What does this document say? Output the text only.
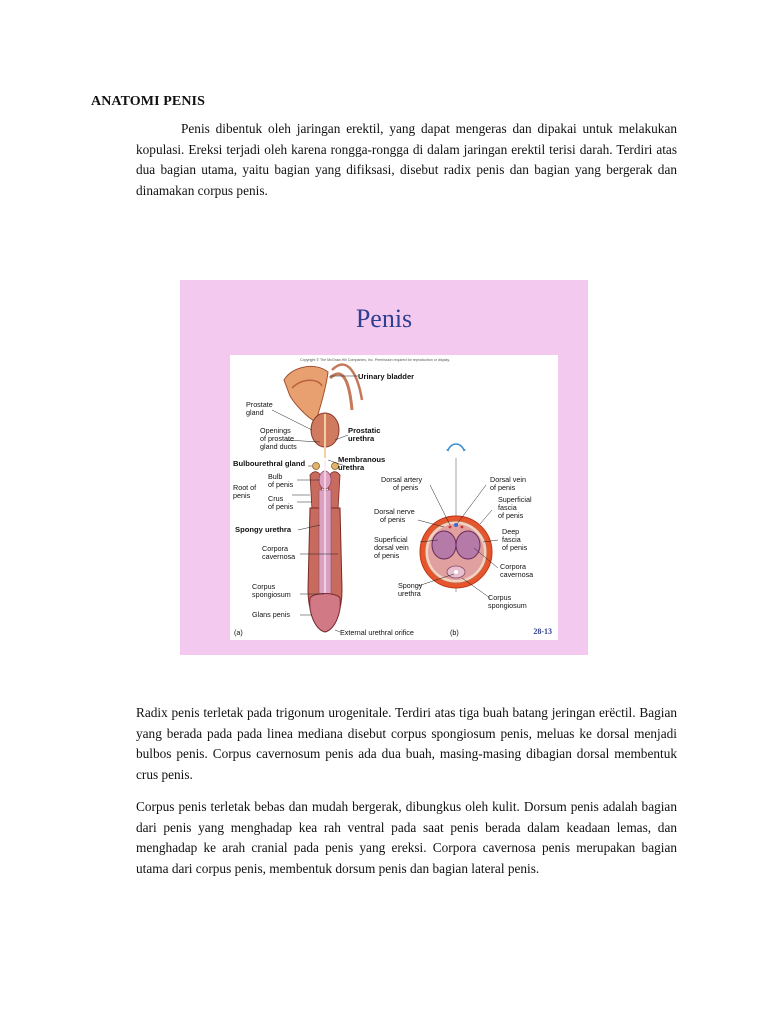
ANATOMI PENIS
Penis dibentuk oleh jaringan erektil, yang dapat mengeras dan dipakai untuk melakukan kopulasi. Ereksi terjadi oleh karena rongga-rongga di dalam jaringan erektil terisi darah. Terdiri atas dua bagian utama, yaitu bagian yang difiksasi, disebut radix penis dan bagian yang bergerak dan dinamakan corpus penis.
Penis
Copyright © The McGraw-Hill Companies, Inc. Permission required for reproduction or display.
Urinary bladder
Prostate
gland
Openings
of prostate
gland ducts
Prostatic
urethra
Membranous
urethra
Bulbourethral gland
Root of
penis
Bulb
of penis
Crus
of penis
Spongy urethra
Corpora
cavernosa
Corpus
spongiosum
Glans penis
External urethral orifice
(a)
Dorsal artery
of penis
Dorsal vein
of penis
Superficial
fascia
of penis
Dorsal nerve
of penis
Deep
fascia
of penis
Superficial
dorsal vein
of penis
Corpora
cavernosa
Spongy
urethra	Corpus
spongiosum
(b)	28-13
Radix penis terletak pada trigonum urogenitale. Terdiri atas tiga buah batang jeringan erëctil. Bagian yang berada pada pada linea mediana disebut corpus spongiosum penis, meluas ke dorsal menjadi bulbos penis. Corpus cavernosum penis ada dua buah, masing-masing dibagian dorsal membentuk crus penis.
Corpus penis terletak bebas dan mudah bergerak, dibungkus oleh kulit. Dorsum penis adalah bagian dari penis yang menghadap kea rah ventral pada saat penis berada dalam keadaan lemas, dan menghadap ke arah cranial pada penis yang ereksi. Corpora cavernosa penis merupakan bagian utama dari corpus penis, membentuk dorsum penis dan bagian lateral penis.
